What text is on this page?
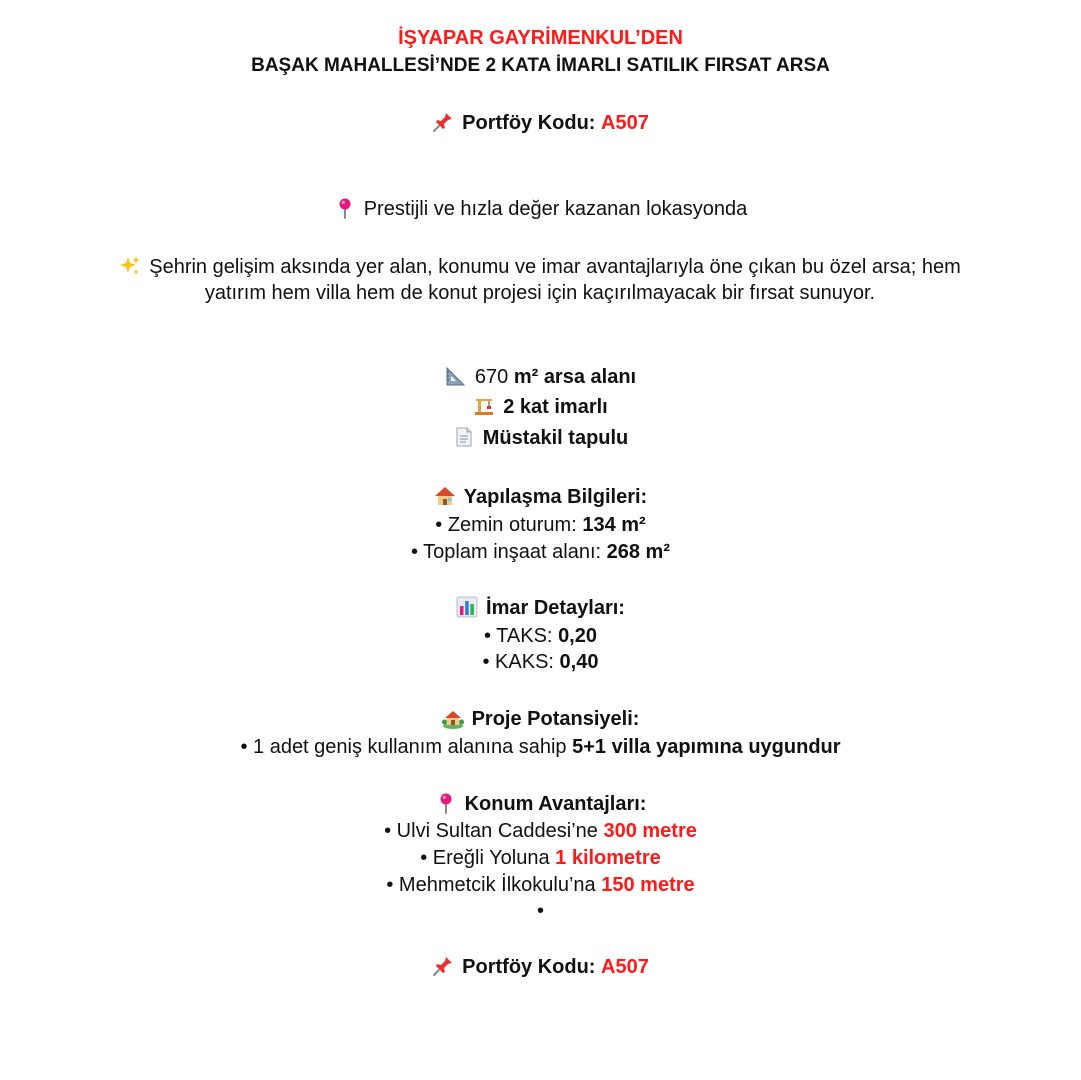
İŞYAPAR GAYRİMENKUL’DEN
BAŞAK MAHALLESİ’NDE 2 KATA İMARLI SATILIK FIRSAT ARSA
Portföy Kodu: A507
Prestijli ve hızla değer kazanan lokasyonda
Şehrin gelişim aksında yer alan, konumu ve imar avantajlarıyla öne çıkan bu özel arsa; hem yatırım hem villa hem de konut projesi için kaçırılmayacak bir fırsat sunuyor.
670 m² arsa alanı
2 kat imarlı
Müstakil tapulu
Yapılaşma Bilgileri:
• Zemin oturum: 134 m²
• Toplam inşaat alanı: 268 m²
İmar Detayları:
• TAKS: 0,20
• KAKS: 0,40
Proje Potansiyeli:
• 1 adet geniş kullanım alanına sahip 5+1 villa yapımına uygundur
Konum Avantajları:
• Ulvi Sultan Caddesi’ne 300 metre
• Ereğli Yoluna 1 kilometre
• Mehmetcik İlkokulu’na 150 metre
•
Portföy Kodu: A507
